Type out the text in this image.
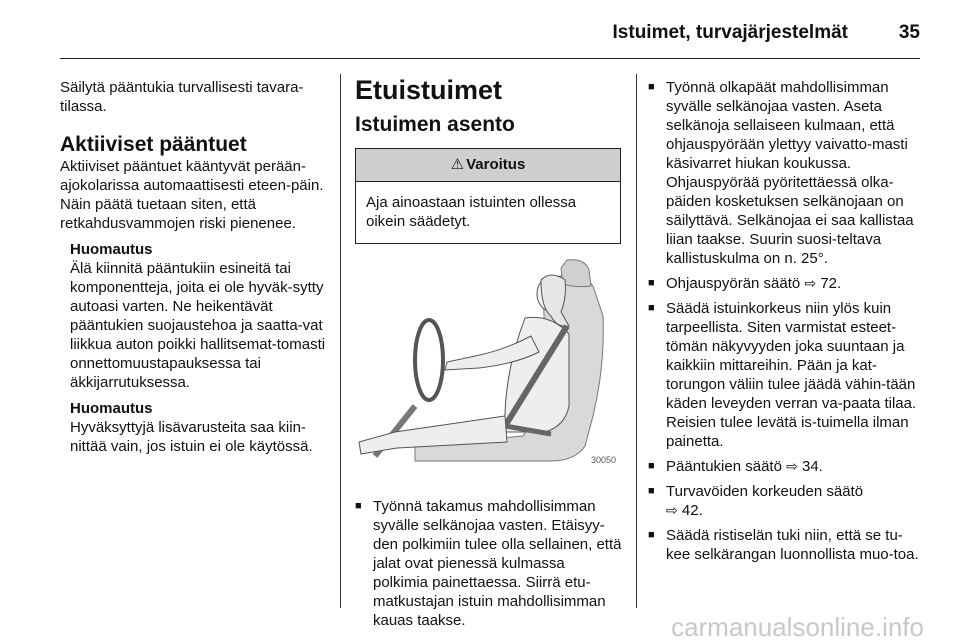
Istuimet, turvajärjestelmät	35

Säilytä pääntukia turvallisesti tavara-tilassa.

Aktiiviset pääntuet

Aktiiviset pääntuet kääntyvät perään-ajokolarissa automaattisesti eteen-päin. Näin päätä tuetaan siten, että retkahdusvammojen riski pienenee.

Huomautus
Älä kiinnitä pääntukiin esineitä tai komponentteja, joita ei ole hyväk-sytty autoasi varten. Ne heikentävät pääntukien suojaustehoa ja saatta-vat liikkua auton poikki hallitsemat-tomasti onnettomuustapauksessa tai äkkijarrutuksessa.
Huomautus
Hyväksyttyjä lisävarusteita saa kiin-nittää vain, jos istuin ei ole käytössä.
Etuistuimet
Istuimen asento
⚠ Varoitus
Aja ainoastaan istuinten ollessa oikein säädetyt.
30050
■ Työnnä takamus mahdollisimman syvälle selkänojaa vasten. Etäisyy-den polkimiin tulee olla sellainen, että jalat ovat pienessä kulmassa polkimia painettaessa. Siirrä etu-matkustajan istuin mahdollisimman kauas taakse.
■ Työnnä olkapäät mahdollisimman syvälle selkänojaa vasten. Aseta selkänoja sellaiseen kulmaan, että ohjauspyörään ylettyy vaivatto-masti käsivarret hiukan koukussa. Ohjauspyörää pyöritettäessä olka-päiden kosketuksen selkänojaan on säilyttävä. Selkänojaa ei saa kallistaa liian taakse. Suurin suosi-teltava kallistuskulma on n. 25°.
■ Ohjauspyörän säätö ⇨ 72.
■ Säädä istuinkorkeus niin ylös kuin tarpeellista. Siten varmistat esteet-tömän näkyvyyden joka suuntaan ja kaikkiin mittareihin. Pään ja kat-torungon väliin tulee jäädä vähin-tään käden leveyden verran va-paata tilaa. Reisien tulee levätä is-tuimella ilman painetta.
■ Pääntukien säätö ⇨ 34.
■ Turvavöiden korkeuden säätö
⇨ 42.
■ Säädä ristiselän tuki niin, että se tu-kee selkärangan luonnollista muo-toa.
carmanualsonline.info
